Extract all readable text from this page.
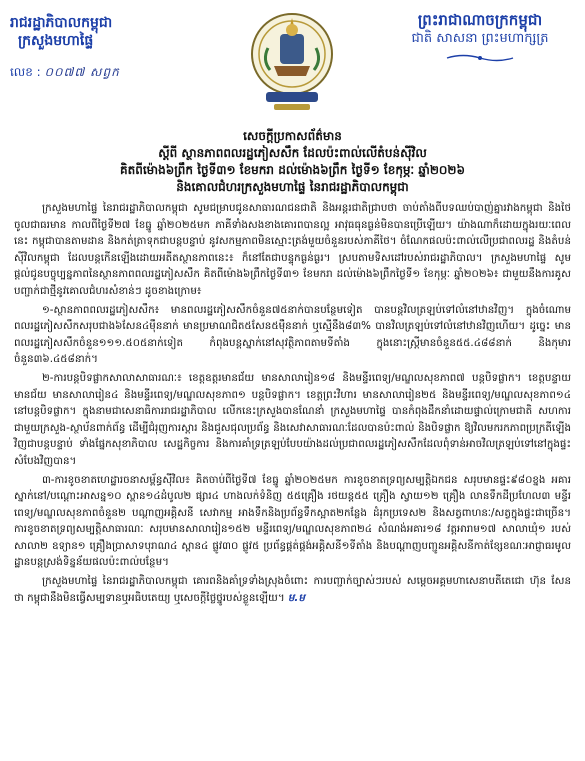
រាជរដ្ឋាភិបាលកម្ពុជា
ក្រសួងមហាផ្ទៃ
លេខ : ០០៧៧ សព្វក
ព្រះរាជាណាចក្រកម្ពុជា
ជាតិ សាសនា ព្រះមហាក្សត្រ
សេចក្ដីប្រកាសព័ត៌មាន
ស្ដីពី ស្ថានភាពពលរដ្ឋភៀសសឹក ដែលប៉ះពាល់លើតំបន់ស៊ីវិល
គិតពីម៉ោង៦ព្រឹក ថ្ងៃទី៣១ ខែមករា ដល់ម៉ោង៦ព្រឹក ថ្ងៃទី១ ខែកុម្ភៈ ឆ្នាំ២០២៦
និងគោលជំហរក្រសួងមហាផ្ទៃ នៃរាជរដ្ឋាភិបាលកម្ពុជា

ក្រសួងមហាផ្ទៃ នៃរាជរដ្ឋាភិបាលកម្ពុជា សូមជម្រាបជូនសាធារណជនជាតិ និងអន្តរជាតិជ្រាបថា ចាប់តាំងពីបទឈប់បាញ់គ្នារវាងកម្ពុជា និងថៃ ចូលជាធរមាន កាលពីថ្ងៃទី២៧ ខែធ្នូ ឆ្នាំ២០២៥មក ភាគីទាំងសងខាងគោរពបានល្អ អាវុធធុនធ្ងន់មិនបានប្រើឡើយ។ យ៉ាងណាក៏ដោយក្នុងរយៈពេលនេះ កម្ពុជាបានតាមដាន និងកត់ត្រាទុកជាបន្តបន្ទាប់ នូវសកម្មភាពមិនស្មោះត្រង់មួយចំនួនរបស់ភាគីថៃ។ ចំណែកផលប៉ះពាល់លើប្រជាពលរដ្ឋ និងតំបន់ស៊ីវិលកម្ពុជា ដែលបន្តកើនឡើងដោយអតីតស្ថានភាពនេះ៖ ក៏នៅតែជាបន្ទុកធ្ងន់ធ្ងរ។ ស្របតាមទិសដៅរបស់រាជរដ្ឋាភិបាល។ ក្រសួងមហាផ្ទៃ សូមផ្ដល់ជូនបច្ចុប្បន្នភាពនៃស្ថានភាពពលរដ្ឋភៀសសឹក គិតពីម៉ោង៦ព្រឹកថ្ងៃទី៣១ ខែមករា ដល់ម៉ោង៦ព្រឹកថ្ងៃទី១ ខែកុម្ភៈ ឆ្នាំ២០២៦៖ ជាមួយនឹងការគូសបញ្ជាក់ជាថ្មីនូវគោលជំហរសំខាន់ៗ ដូចខាងក្រោម៖

១-ស្ថានភាពពលរដ្ឋភៀសសឹក៖ មានពលរដ្ឋភៀសសឹកចំនួន៧៥នាក់បានបន្ថែមទៀត បានបន្តវិលត្រឡប់ទៅលំនៅឋានវិញ។ ក្នុងចំណោមពលរដ្ឋភៀសសឹកសរុបជាង៦សែន៤ម៉ឺននាក់ មានប្រមាណជិត៥សែន៥ម៉ឺននាក់ ឬស្មើនឹង៨៣% បានវិលត្រឡប់ទៅលំនៅឋានវិញហើយ។ ដូច្នេះ មានពលរដ្ឋភៀសសឹកចំនួន១១១.៥០៥នាក់ទៀត កំពុងបន្តស្នាក់នៅសុវត្ថិភាពតាមទីតាំង ក្នុងនោះស្ត្រីមានចំនួន៥៥.៤៨៨នាក់ និងកុមារចំនួន៣៦.៤៥៨នាក់។

២-ការបន្តបិទផ្លាកសាលាសាធារណៈ៖ ខេត្តឧត្ដរមានជ័យ មានសាលារៀន១៨ និងមន្ទីរពេទ្យ/មណ្ឌលសុខភាព៧ បន្តបិទផ្លាក។ ខេត្តបន្ទាយមានជ័យ មានសាលារៀន៤ និងមន្ទីរពេទ្យ/មណ្ឌលសុខភាព១ បន្តបិទផ្លាក។ ខេត្តព្រះវិហារ មានសាលារៀន២៥ និងមន្ទីរពេទ្យ/មណ្ឌលសុខភាព១៤ នៅបន្តបិទផ្លាក។ ក្នុងនាមជាសេនាធិការរាជរដ្ឋាភិបាល លើកនេះក្រសួងបានណែនាំ ក្រសួងមហាផ្ទៃ បានកំពុងដឹកនាំដោយផ្ទាល់ក្រោមជាតិ សហការជាមួយក្រសួង-ស្ថាប័នពាក់ព័ន្ធ ដើម្បីជំរុញការស្ដារ និងជួសជុលប្រព័ន្ធ និងសេវាសាធារណៈដែលបានប៉ះពាល់ និងបិទផ្លាក ឱ្យវិលមករកភាពប្រក្រតីឡើងវិញជាបន្តបន្ទាប់ ទាំងផ្នែកសុខាភិបាល សេដ្ឋកិច្ចការ និងការគាំទ្រត្រឡប់បែបយ៉ាងដល់ប្រជាពលរដ្ឋភៀសសឹកដែលពុំទាន់អាចវិលត្រឡប់ទៅនៅក្នុងផ្ទះសំបែងវិញបាន។

៣-ការខូចខាតហេដ្ឋារចនាសម្ព័ន្ធស៊ីវិល៖ គិតចាប់ពីថ្ងៃទី៧ ខែធ្នូ ឆ្នាំ២០២៥មក ការខូចខាតទ្រព្យសម្បត្តិឯកជន សរុបមានផ្ទះ៩៨០ខ្នង អគារស្នាក់នៅ/បណ្ដោះអាសន្ន១០ ស្ពាន១៤ដំបូល២ ផ្សារ៤ ហាងលក់ទំនិញ ៥៥គ្រឿង រថយន្ត៥៥ គ្រឿង ស្វាយ១២ គ្រឿង លានទឹកដីប្រហែល៣ មន្ទីរពេទ្យ/មណ្ឌលសុខភាពចំនួន២ បណ្ដាញអគ្គិសនី សេវាកម្ម អាងទឹកនិងប្រព័ន្ធទឹកស្អាត២កន្លែង ដំរុកប្រទេស២ និងសត្វពាហនៈ/សត្វក្នុងផ្ទះជាច្រើន។ ការខូចខាតទ្រព្យសម្បត្តិសាធារណៈ សរុបមានសាលារៀន១៥២ មន្ទីរពេទ្យ/មណ្ឌលសុខភាព២៤ សំណង់អគារ១៨ វត្តអារាម១៧ សាលាឃុំ១ របស់សាលា២ ឧទ្យាន១ គ្រឿងប្រាសាទបុរាណ៤ ស្ពាន៤ ផ្លូវ៣០ ផ្លូវ៥ ប្រព័ន្ធផ្គត់ផ្គង់អគ្គិសនី១ទីតាំង និងបណ្ដាញបញ្ជូនអគ្គិសនីកាត់ខ្សែខណៈអាជ្ញាធរមូលដ្ឋានបន្តស្រង់ទិន្នន័យផលប៉ះពាល់បន្ថែម។

ក្រសួងមហាផ្ទៃ នៃរាជរដ្ឋាភិបាលកម្ពុជា គោរពនិងគាំទ្រទាំងស្រុងចំពោះ ការបញ្ជាក់ច្បាស់ៗរបស់ សម្ដេចអគ្គមហាសេនាបតីតេជោ ហ៊ុន សែន ថា កម្ពុជានឹងមិនធ្វើសម្បទានឬអធិបតេយ្យ ឬសេចក្ដីថ្លៃថ្នូរបស់ខ្លួនឡើយ។ ម.ម
